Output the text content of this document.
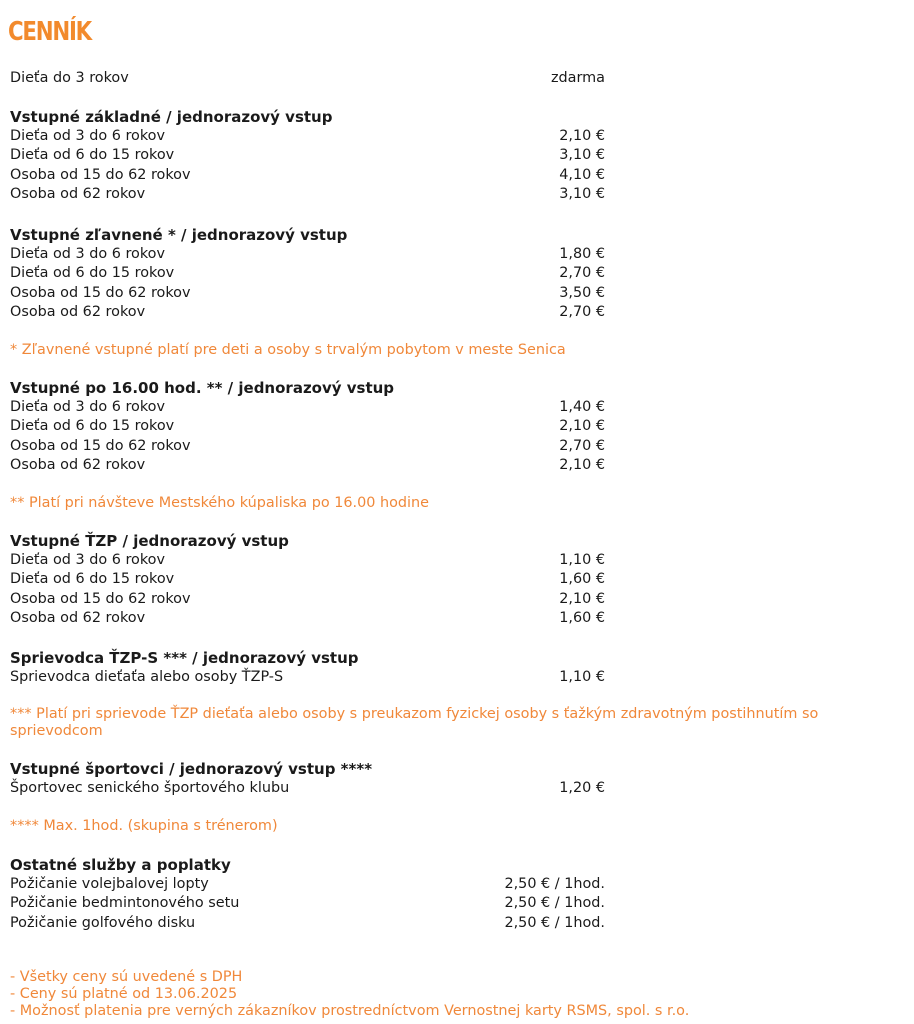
CENNÍK
Dieťa do 3 rokov	zdarma
Vstupné základné / jednorazový vstup
Dieťa od 3 do 6 rokov	2,10 €
Dieťa od 6 do 15 rokov	3,10 €
Osoba od 15 do 62 rokov	4,10 €
Osoba od 62 rokov	3,10 €
Vstupné zľavnené * / jednorazový vstup
Dieťa od 3 do 6 rokov	1,80 €
Dieťa od 6 do 15 rokov	2,70 €
Osoba od 15 do 62 rokov	3,50 €
Osoba od 62 rokov	2,70 €
* Zľavnené vstupné platí pre deti a osoby s trvalým pobytom v meste Senica
Vstupné po 16.00 hod. ** / jednorazový vstup
Dieťa od 3 do 6 rokov	1,40 €
Dieťa od 6 do 15 rokov	2,10 €
Osoba od 15 do 62 rokov	2,70 €
Osoba od 62 rokov	2,10 €
** Platí pri návšteve Mestského kúpaliska po 16.00 hodine
Vstupné ŤZP / jednorazový vstup
Dieťa od 3 do 6 rokov	1,10 €
Dieťa od 6 do 15 rokov	1,60 €
Osoba od 15 do 62 rokov	2,10 €
Osoba od 62 rokov	1,60 €
Sprievodca ŤZP-S *** / jednorazový vstup
Sprievodca dieťaťa alebo osoby ŤZP-S	1,10 €
*** Platí pri sprievode ŤZP dieťaťa alebo osoby s preukazom fyzickej osoby s ťažkým zdravotným postihnutím so sprievodcom
Vstupné športovci / jednorazový vstup ****
Športovec senického športového klubu	1,20 €
**** Max. 1hod. (skupina s trénerom)
Ostatné služby a poplatky
Požičanie volejbalovej lopty	2,50 € / 1hod.
Požičanie bedmintonového setu	2,50 € / 1hod.
Požičanie golfového disku	2,50 € / 1hod.
- Všetky ceny sú uvedené s DPH
- Ceny sú platné od 13.06.2025
- Možnosť platenia pre verných zákazníkov prostredníctvom Vernostnej karty RSMS, spol. s r.o.
